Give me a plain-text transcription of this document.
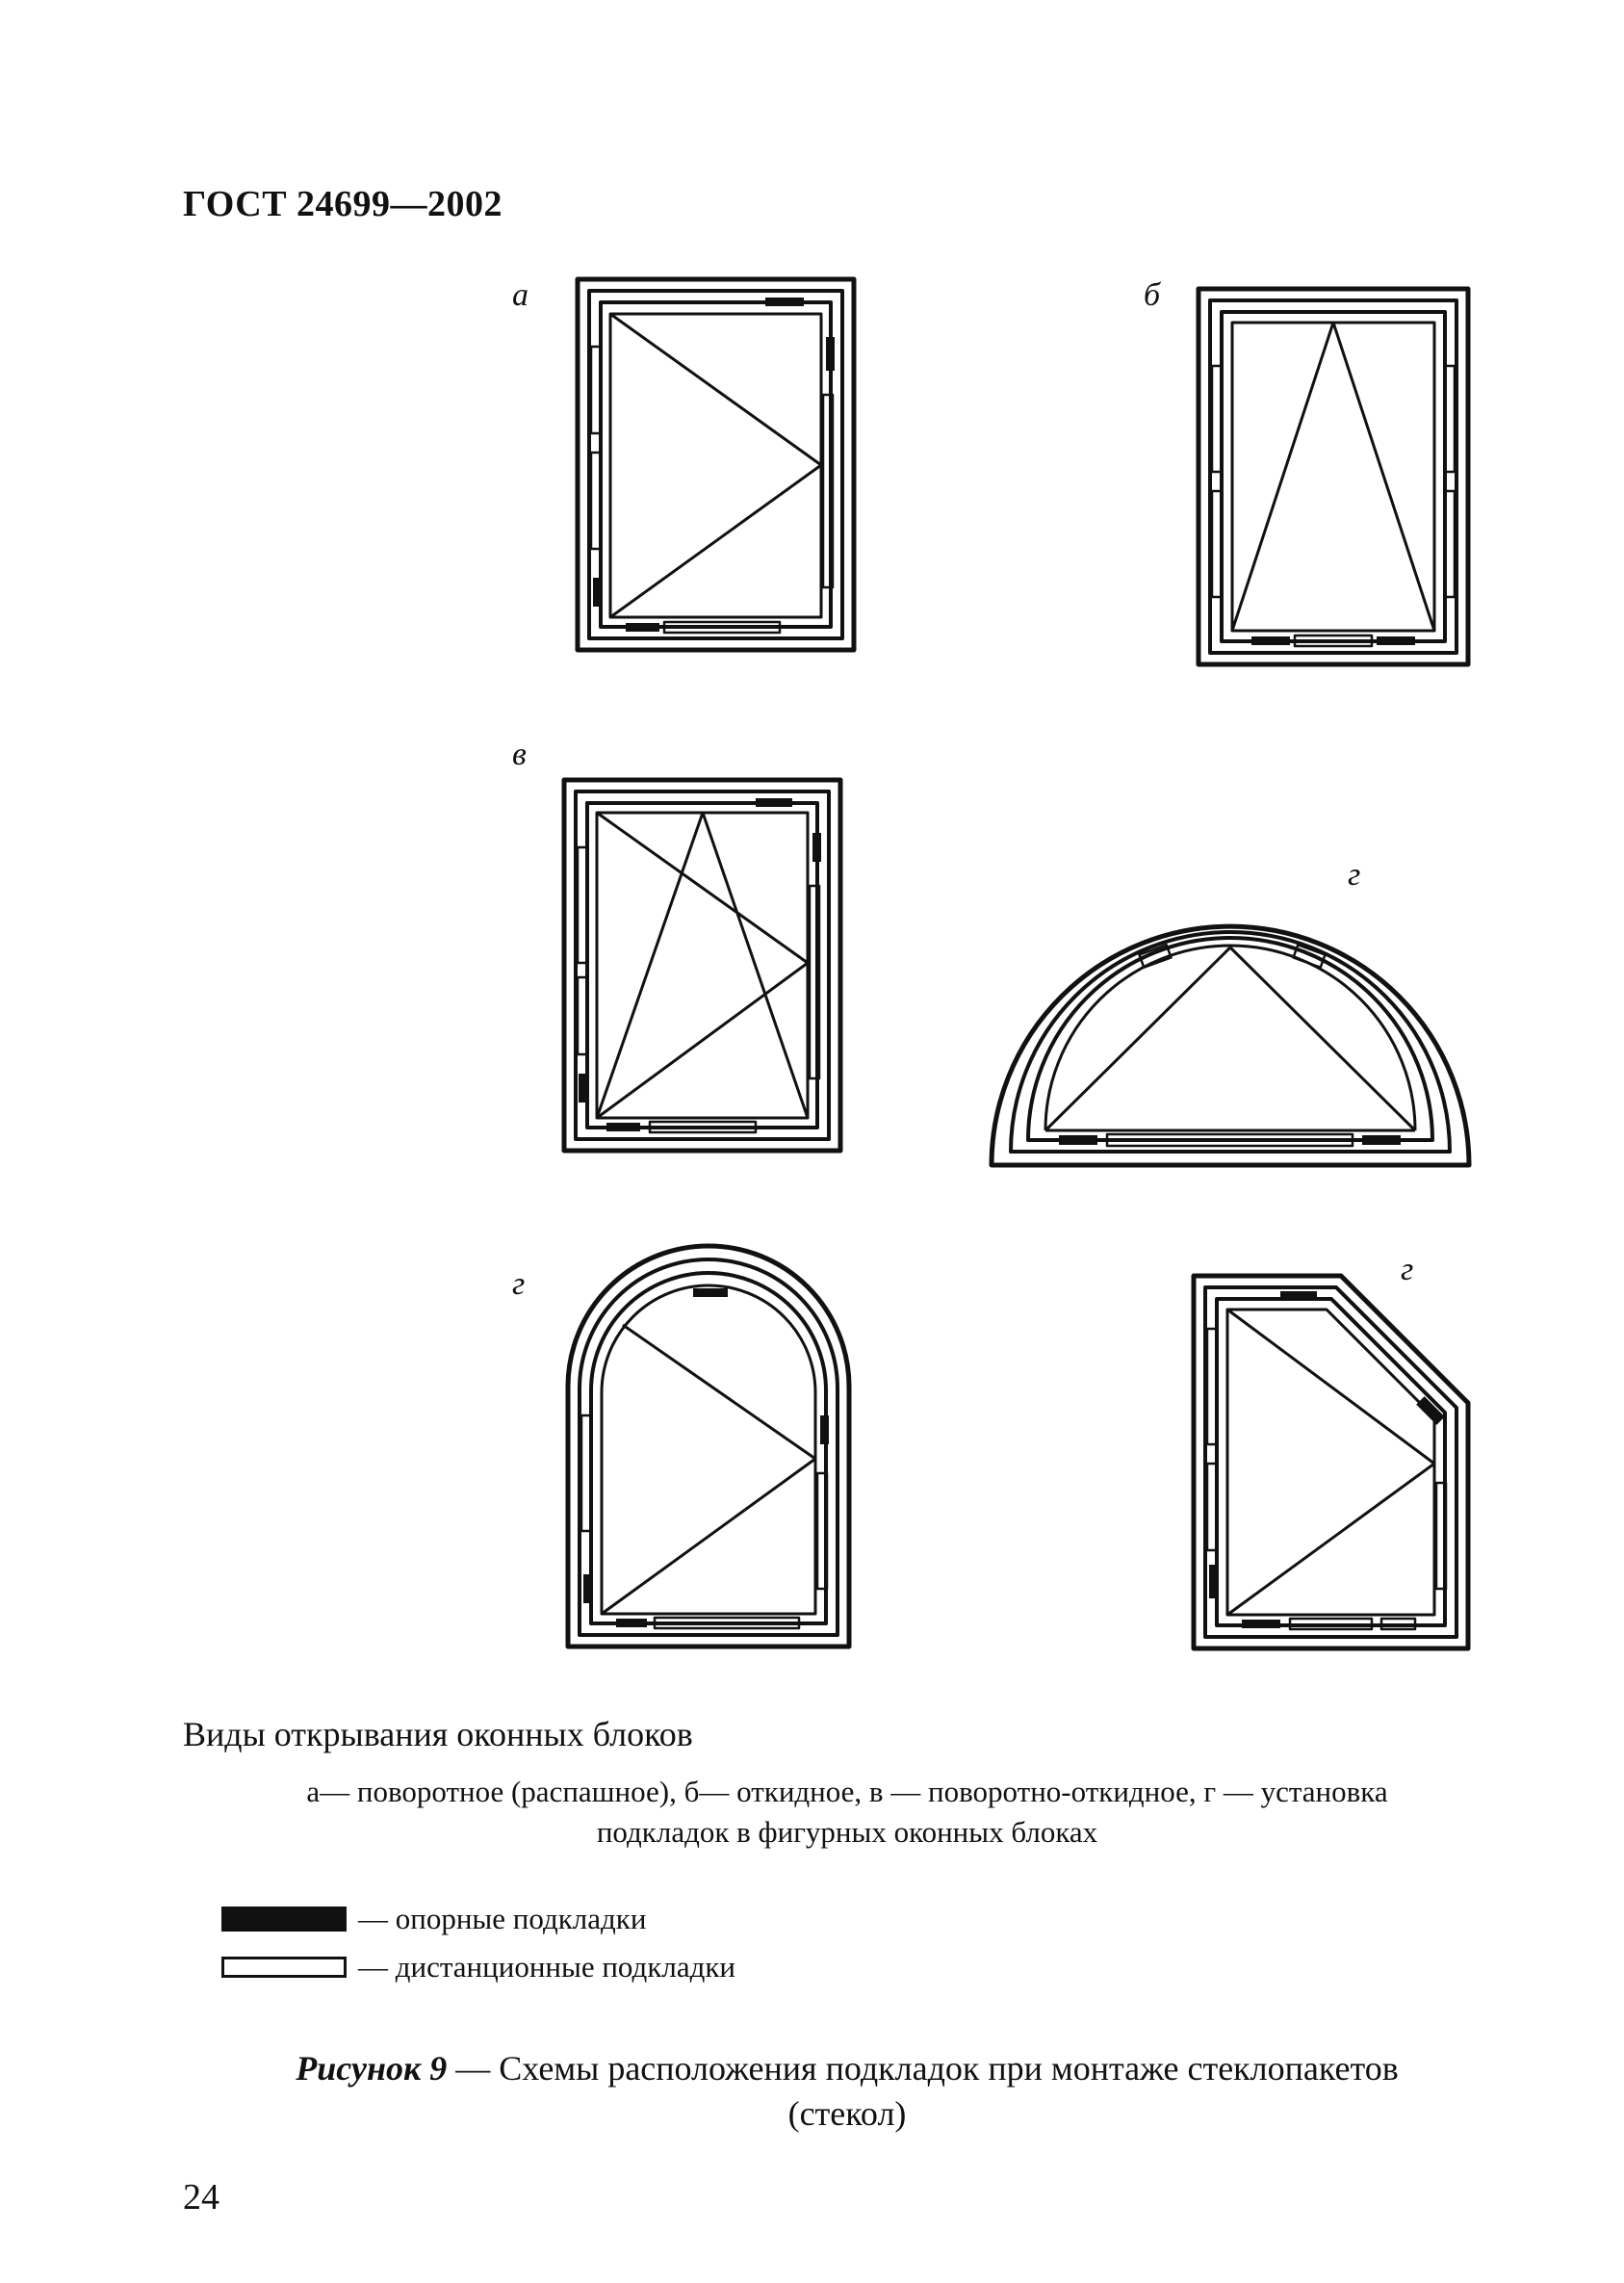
ГОСТ 24699—2002
а	б
в
г
г	г
Виды открывания оконных блоков
а— поворотное (распашное), б— откидное, в — поворотно-откидное, г — установка
подкладок в фигурных оконных блоках
— опорные подкладки
— дистанционные подкладки
Рисунок 9 — Схемы расположения подкладок при монтаже стеклопакетов
(стекол)
24
